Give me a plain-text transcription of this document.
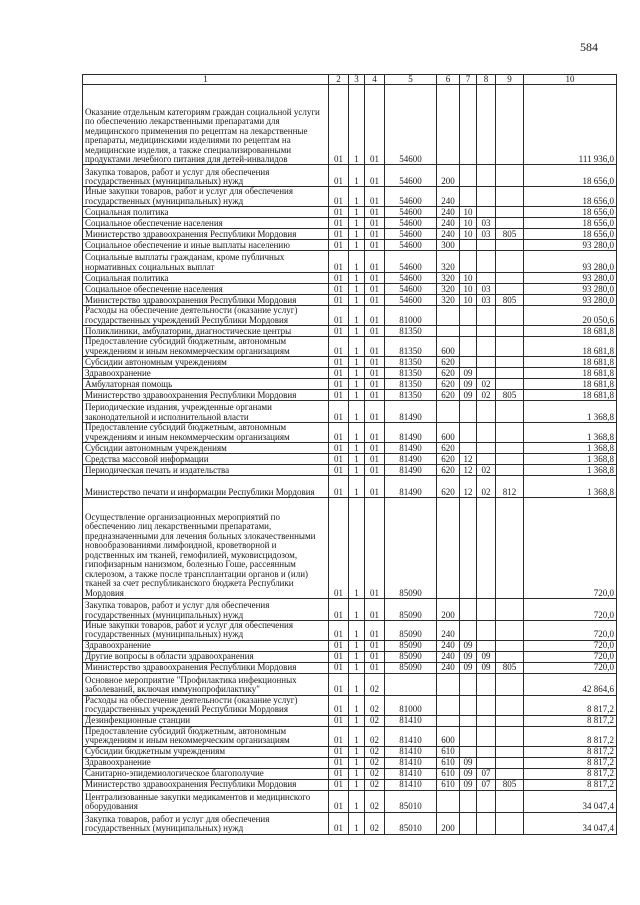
584
1	2	3	4	5	6	7	8	9	10
Оказание отдельным категориям граждан социальной услуги по обеспечению лекарственными препаратами для медицинского применения по рецептам на лекарственные препараты, медицинскими изделиями по рецептам на медицинские изделия, а также специализированными продуктами лечебного питания для детей-инвалидов	01	1	01	54600					111 936,0
Закупка товаров, работ и услуг для обеспечения государственных (муниципальных) нужд	01	1	01	54600	200				18 656,0
Иные закупки товаров, работ и услуг для обеспечения государственных (муниципальных) нужд	01	1	01	54600	240				18 656,0
Социальная политика	01	1	01	54600	240	10			18 656,0
Социальное обеспечение населения	01	1	01	54600	240	10	03		18 656,0
Министерство здравоохранения Республики Мордовия	01	1	01	54600	240	10	03	805	18 656,0
Социальное обеспечение и иные выплаты населению	01	1	01	54600	300				93 280,0
Социальные выплаты гражданам, кроме публичных нормативных социальных выплат	01	1	01	54600	320				93 280,0
Социальная политика	01	1	01	54600	320	10			93 280,0
Социальное обеспечение населения	01	1	01	54600	320	10	03		93 280,0
Министерство здравоохранения Республики Мордовия	01	1	01	54600	320	10	03	805	93 280,0
Расходы на обеспечение деятельности (оказание услуг) государственных учреждений Республики Мордовия	01	1	01	81000					20 050,6
Поликлиники, амбулатории, диагностические центры	01	1	01	81350					18 681,8
Предоставление субсидий бюджетным, автономным учреждениям и иным некоммерческим организациям	01	1	01	81350	600				18 681,8
Субсидии автономным учреждениям	01	1	01	81350	620				18 681,8
Здравоохранение	01	1	01	81350	620	09			18 681,8
Амбулаторная помощь	01	1	01	81350	620	09	02		18 681,8
Министерство здравоохранения Республики Мордовия	01	1	01	81350	620	09	02	805	18 681,8
Периодические издания, учрежденные органами законодательной и исполнительной власти	01	1	01	81490					1 368,8
Предоставление субсидий бюджетным, автономным учреждениям и иным некоммерческим организациям	01	1	01	81490	600				1 368,8
Субсидии автономным учреждениям	01	1	01	81490	620				1 368,8
Средства массовой информации	01	1	01	81490	620	12			1 368,8
Периодическая печать и издательства	01	1	01	81490	620	12	02		1 368,8
Министерство печати и информации Республики Мордовия	01	1	01	81490	620	12	02	812	1 368,8
Осуществление организационных мероприятий по обеспечению лиц лекарственными препаратами, предназначенными для лечения больных злокачественными новообразованиями лимфоидной, кроветворной и родственных им тканей, гемофилией, муковисцидозом, гипофизарным нанизмом, болезнью Гоше, рассеянным склерозом, а также после трансплантации органов и (или) тканей за счет республиканского бюджета Республики Мордовия	01	1	01	85090					720,0
Закупка товаров, работ и услуг для обеспечения государственных (муниципальных) нужд	01	1	01	85090	200				720,0
Иные закупки товаров, работ и услуг для обеспечения государственных (муниципальных) нужд	01	1	01	85090	240				720,0
Здравоохранение	01	1	01	85090	240	09			720,0
Другие вопросы в области здравоохранения	01	1	01	85090	240	09	09		720,0
Министерство здравоохранения Республики Мордовия	01	1	01	85090	240	09	09	805	720,0
Основное мероприятие "Профилактика инфекционных заболеваний, включая иммунопрофилактику"	01	1	02						42 864,6
Расходы на обеспечение деятельности (оказание услуг) государственных учреждений Республики Мордовия	01	1	02	81000					8 817,2
Дезинфекционные станции	01	1	02	81410					8 817,2
Предоставление субсидий бюджетным, автономным учреждениям и иным некоммерческим организациям	01	1	02	81410	600				8 817,2
Субсидии бюджетным учреждениям	01	1	02	81410	610				8 817,2
Здравоохранение	01	1	02	81410	610	09			8 817,2
Санитарно-эпидемиологическое благополучие	01	1	02	81410	610	09	07		8 817,2
Министерство здравоохранения Республики Мордовия	01	1	02	81410	610	09	07	805	8 817,2
Централизованные закупки медикаментов и медицинского оборудования	01	1	02	85010					34 047,4
Закупка товаров, работ и услуг для обеспечения государственных (муниципальных) нужд	01	1	02	85010	200				34 047,4
